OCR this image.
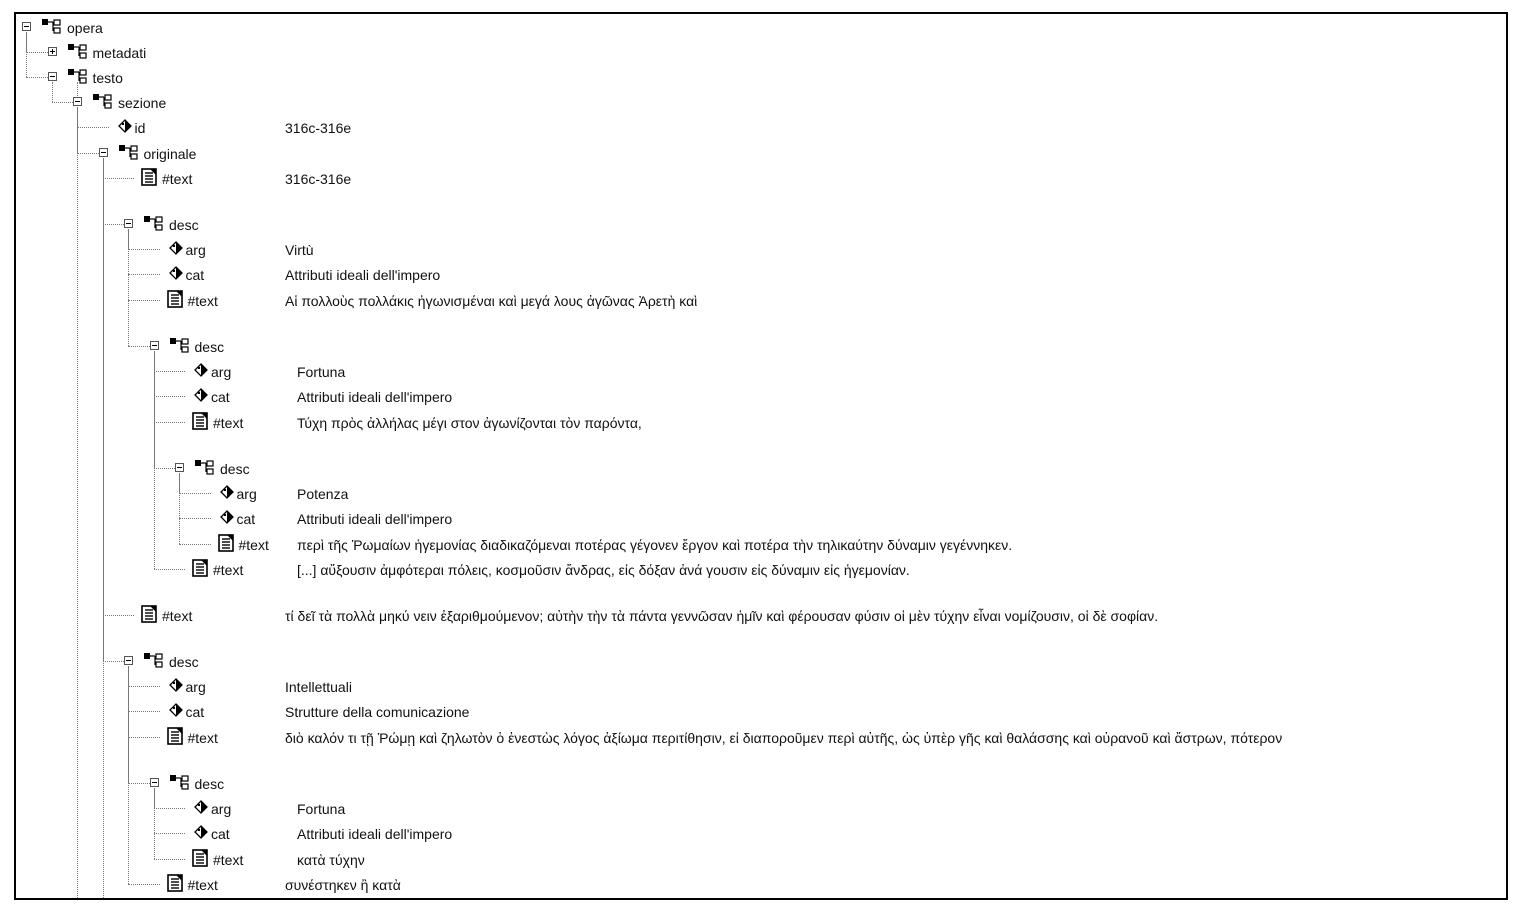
opera
metadati
testo
sezione
id	316c-316e
originale
#text	316c-316e
desc
arg	Virtù
cat	Attributi ideali dell'impero
#text	Aἱ πολλοὺς πολλάκις ἠγωνισμέναι καὶ μεγά λους ἀγῶνας Ἀρετὴ καὶ
desc
arg	Fortuna
cat	Attributi ideali dell'impero
#text	Τύχη πρὸς ἀλλήλας μέγι στον ἀγωνίζονται τὸν παρόντα,
desc
arg	Potenza
cat	Attributi ideali dell'impero
#text περὶ τῆς Ῥωμαίων ἡγεμονίας διαδικαζόμεναι ποτέρας γέγονεν ἔργον καὶ ποτέρα τὴν τηλικαύτην δύναμιν γεγέννηκεν.
#text	[...] αὔξουσιν ἀμφότεραι πόλεις, κοσμοῦσιν ἄνδρας, εἰς δόξαν ἀνά γουσιν εἰς δύναμιν εἰς ἡγεμονίαν.
#text	τί δεῖ τὰ πολλὰ μηκύ νειν ἐξαριθμούμενον; αὐτὴν τὴν τὰ πάντα γεννῶσαν ἡμῖν καὶ φέρουσαν φύσιν οἱ μὲν τύχην εἶναι νομίζουσιν, οἱ δὲ σοφίαν.
desc
arg	Intellettuali
cat	Strutture della comunicazione
#text	διὸ καλόν τι τῇ Ῥώμῃ καὶ ζηλωτὸν ὁ ἐνεστὼς λόγος ἀξίωμα περιτίθησιν, εἰ διαποροῦμεν περὶ αὐτῆς, ὡς ὑπὲρ γῆς καὶ θαλάσσης καὶ οὐρανοῦ καὶ ἄστρων, πότερον
desc
arg	Fortuna
cat	Attributi ideali dell'impero
#text	κατὰ τύχην
#text	συνέστηκεν ἢ κατὰ
